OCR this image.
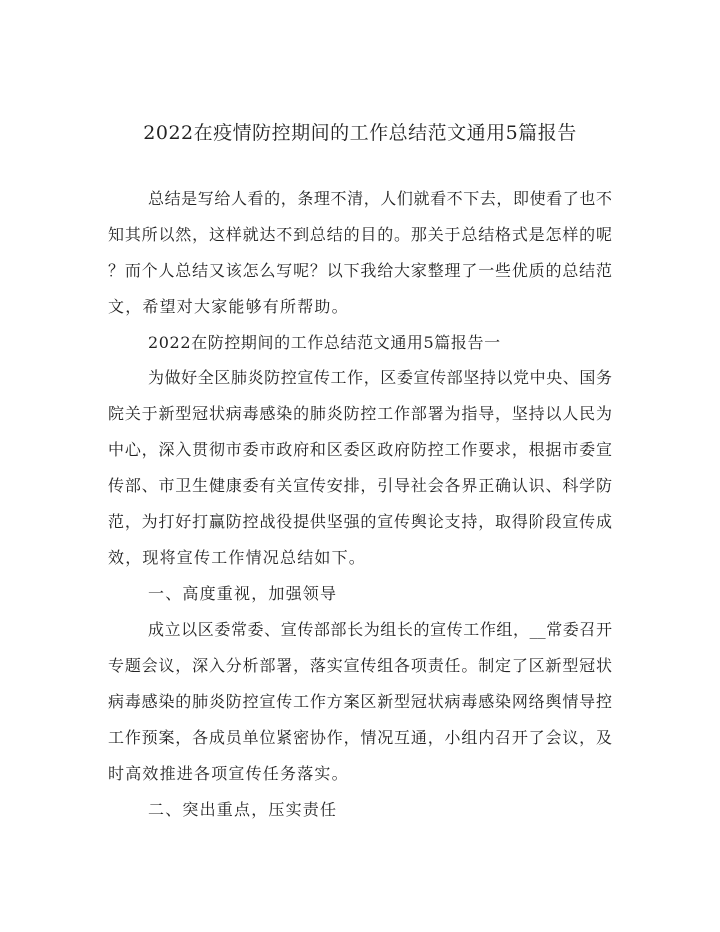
2022在疫情防控期间的工作总结范文通用5篇报告
总结是写给人看的，条理不清，人们就看不下去，即使看了也不
知其所以然，这样就达不到总结的目的。那关于总结格式是怎样的呢
？而个人总结又该怎么写呢？以下我给大家整理了一些优质的总结范
文，希望对大家能够有所帮助。
2022在防控期间的工作总结范文通用5篇报告一
为做好全区肺炎防控宣传工作，区委宣传部坚持以党中央、国务
院关于新型冠状病毒感染的肺炎防控工作部署为指导，坚持以人民为
中心，深入贯彻市委市政府和区委区政府防控工作要求，根据市委宣
传部、市卫生健康委有关宣传安排，引导社会各界正确认识、科学防
范，为打好打赢防控战役提供坚强的宣传舆论支持，取得阶段宣传成
效，现将宣传工作情况总结如下。
一、高度重视，加强领导
成立以区委常委、宣传部部长为组长的宣传工作组，__常委召开
专题会议，深入分析部署，落实宣传组各项责任。制定了区新型冠状
病毒感染的肺炎防控宣传工作方案区新型冠状病毒感染网络舆情导控
工作预案，各成员单位紧密协作，情况互通，小组内召开了会议，及
时高效推进各项宣传任务落实。
二、突出重点，压实责任
